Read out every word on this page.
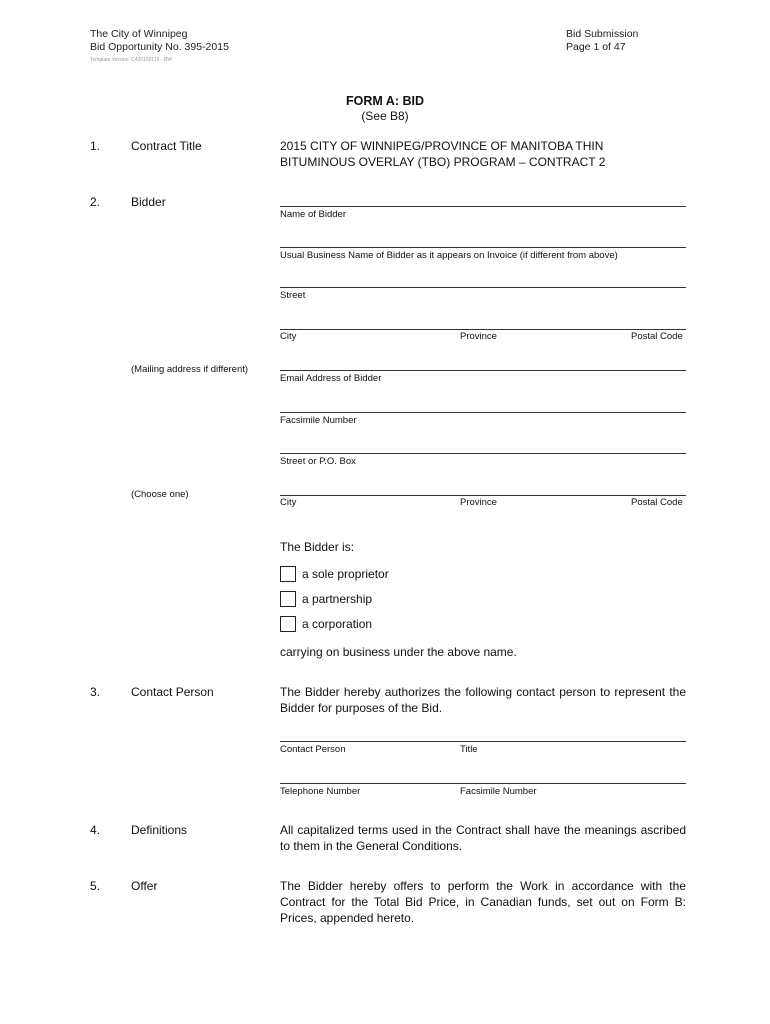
The City of Winnipeg
Bid Opportunity No. 395-2015
Template Version: C420150115 - RW
Bid Submission
Page 1 of 47
FORM A: BID
(See B8)
1.	Contract Title	2015 CITY OF WINNIPEG/PROVINCE OF MANITOBA THIN
BITUMINOUS OVERLAY (TBO) PROGRAM – CONTRACT 2
2.	Bidder
Name of Bidder
Usual Business Name of Bidder as it appears on Invoice (if different from above)
Street
City	Province	Postal Code
(Mailing address if different)
Email Address of Bidder
Facsimile Number
Street or P.O. Box
(Choose one)
City	Province	Postal Code
The Bidder is:
a sole proprietor
a partnership
a corporation
carrying on business under the above name.
3.	Contact Person	The Bidder hereby authorizes the following contact person to represent the Bidder for purposes of the Bid.
Contact Person	Title
Telephone Number	Facsimile Number
4.	Definitions	All capitalized terms used in the Contract shall have the meanings ascribed to them in the General Conditions.
5.	Offer	The Bidder hereby offers to perform the Work in accordance with the Contract for the Total Bid Price, in Canadian funds, set out on Form B: Prices, appended hereto.
